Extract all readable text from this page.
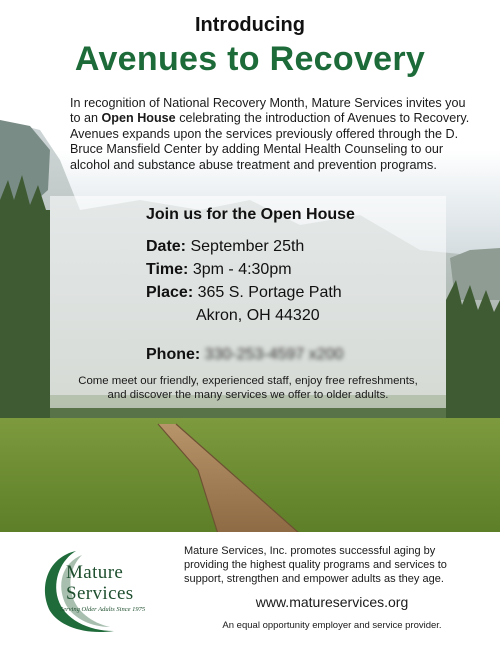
Introducing
Avenues to Recovery

In recognition of National Recovery Month, Mature Services invites you to an Open House celebrating the introduction of Avenues to Recovery. Avenues expands upon the services previously offered through the D. Bruce Mansfield Center by adding Mental Health Counseling to our alcohol and substance abuse treatment and prevention programs.

Join us for the Open House
Date: September 25th
Time: 3pm - 4:30pm
Place: 365 S. Portage Path
Akron, OH 44320
Phone: 330-253-4597 x200
Come meet our friendly, experienced staff, enjoy free refreshments,
and discover the many services we offer to older adults.
Mature
Services
Serving Older Adults Since 1975

Mature Services, Inc. promotes successful aging by providing the highest quality programs and services to support, strengthen and empower adults as they age.

www.matureservices.org
An equal opportunity employer and service provider.
